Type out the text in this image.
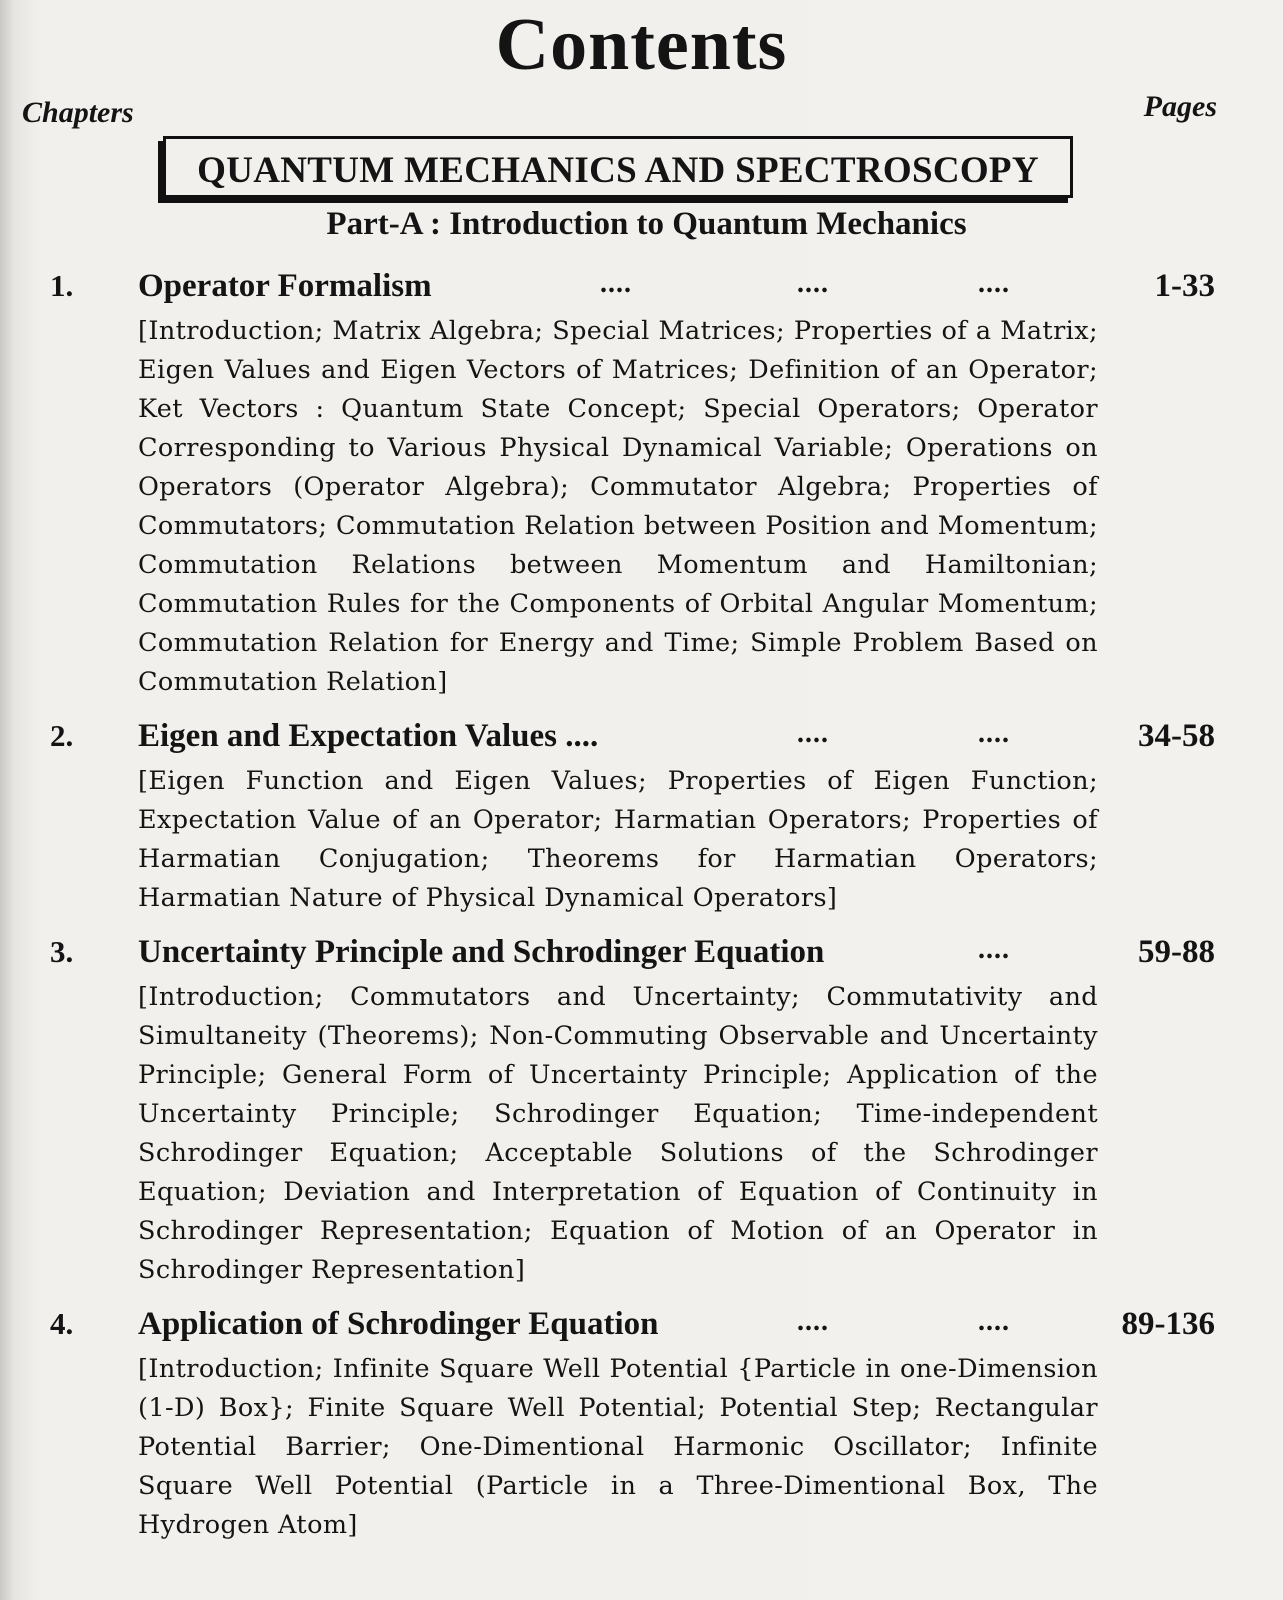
Contents
Chapters	Pages
QUANTUM MECHANICS AND SPECTROSCOPY
Part-A : Introduction to Quantum Mechanics
1. Operator Formalism	....	....	....	1-33
[Introduction; Matrix Algebra; Special Matrices; Properties of a Matrix; Eigen Values and Eigen Vectors of Matrices; Definition of an Operator; Ket Vectors : Quantum State Concept; Special Operators; Operator Corresponding to Various Physical Dynamical Variable; Operations on Operators (Operator Algebra); Commutator Algebra; Properties of Commutators; Commutation Relation between Position and Momentum; Commutation Relations between Momentum and Hamiltonian; Commutation Rules for the Components of Orbital Angular Momentum; Commutation Relation for Energy and Time; Simple Problem Based on Commutation Relation]
2. Eigen and Expectation Values ....	....	....	34-58
[Eigen Function and Eigen Values; Properties of Eigen Function; Expectation Value of an Operator; Harmatian Operators; Properties of Harmatian Conjugation; Theorems for Harmatian Operators; Harmatian Nature of Physical Dynamical Operators]
3. Uncertainty Principle and Schrodinger Equation	....	59-88
[Introduction; Commutators and Uncertainty; Commutativity and Simultaneity (Theorems); Non-Commuting Observable and Uncertainty Principle; General Form of Uncertainty Principle; Application of the Uncertainty Principle; Schrodinger Equation; Time-independent Schrodinger Equation; Acceptable Solutions of the Schrodinger Equation; Deviation and Interpretation of Equation of Continuity in Schrodinger Representation; Equation of Motion of an Operator in Schrodinger Representation]
4. Application of Schrodinger Equation	....	....	89-136
[Introduction; Infinite Square Well Potential {Particle in one-Dimension (1-D) Box}; Finite Square Well Potential; Potential Step; Rectangular Potential Barrier; One-Dimentional Harmonic Oscillator; Infinite Square Well Potential (Particle in a Three-Dimentional Box, The Hydrogen Atom]
